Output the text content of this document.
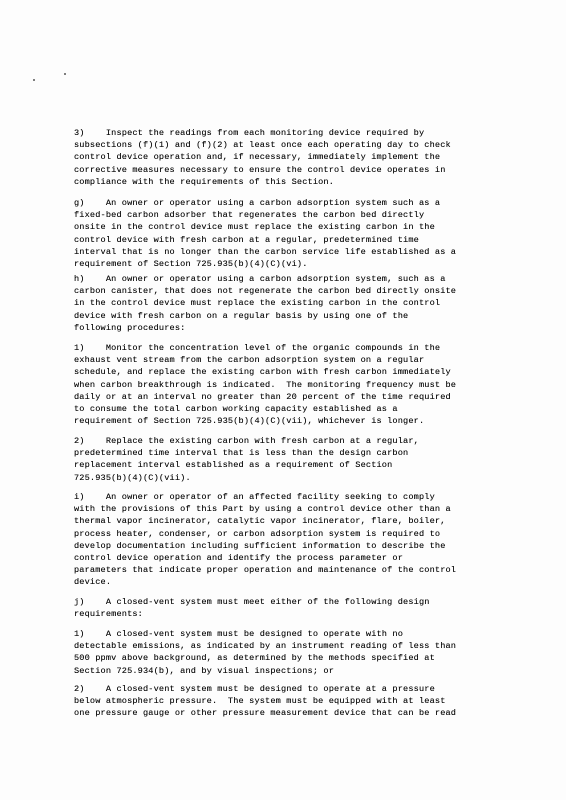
3)    Inspect the readings from each monitoring device required by
subsections (f)(1) and (f)(2) at least once each operating day to check
control device operation and, if necessary, immediately implement the
corrective measures necessary to ensure the control device operates in
compliance with the requirements of this Section.

g)    An owner or operator using a carbon adsorption system such as a
fixed-bed carbon adsorber that regenerates the carbon bed directly
onsite in the control device must replace the existing carbon in the
control device with fresh carbon at a regular, predetermined time
interval that is no longer than the carbon service life established as a
requirement of Section 725.935(b)(4)(C)(vi).

h)    An owner or operator using a carbon adsorption system, such as a
carbon canister, that does not regenerate the carbon bed directly onsite
in the control device must replace the existing carbon in the control
device with fresh carbon on a regular basis by using one of the
following procedures:

1)    Monitor the concentration level of the organic compounds in the
exhaust vent stream from the carbon adsorption system on a regular
schedule, and replace the existing carbon with fresh carbon immediately
when carbon breakthrough is indicated.  The monitoring frequency must be
daily or at an interval no greater than 20 percent of the time required
to consume the total carbon working capacity established as a
requirement of Section 725.935(b)(4)(C)(vii), whichever is longer.

2)    Replace the existing carbon with fresh carbon at a regular,
predetermined time interval that is less than the design carbon
replacement interval established as a requirement of Section
725.935(b)(4)(C)(vii).

i)    An owner or operator of an affected facility seeking to comply
with the provisions of this Part by using a control device other than a
thermal vapor incinerator, catalytic vapor incinerator, flare, boiler,
process heater, condenser, or carbon adsorption system is required to
develop documentation including sufficient information to describe the
control device operation and identify the process parameter or
parameters that indicate proper operation and maintenance of the control
device.

j)    A closed-vent system must meet either of the following design
requirements:

1)    A closed-vent system must be designed to operate with no
detectable emissions, as indicated by an instrument reading of less than
500 ppmv above background, as determined by the methods specified at
Section 725.934(b), and by visual inspections; or

2)    A closed-vent system must be designed to operate at a pressure
below atmospheric pressure.  The system must be equipped with at least
one pressure gauge or other pressure measurement device that can be read
